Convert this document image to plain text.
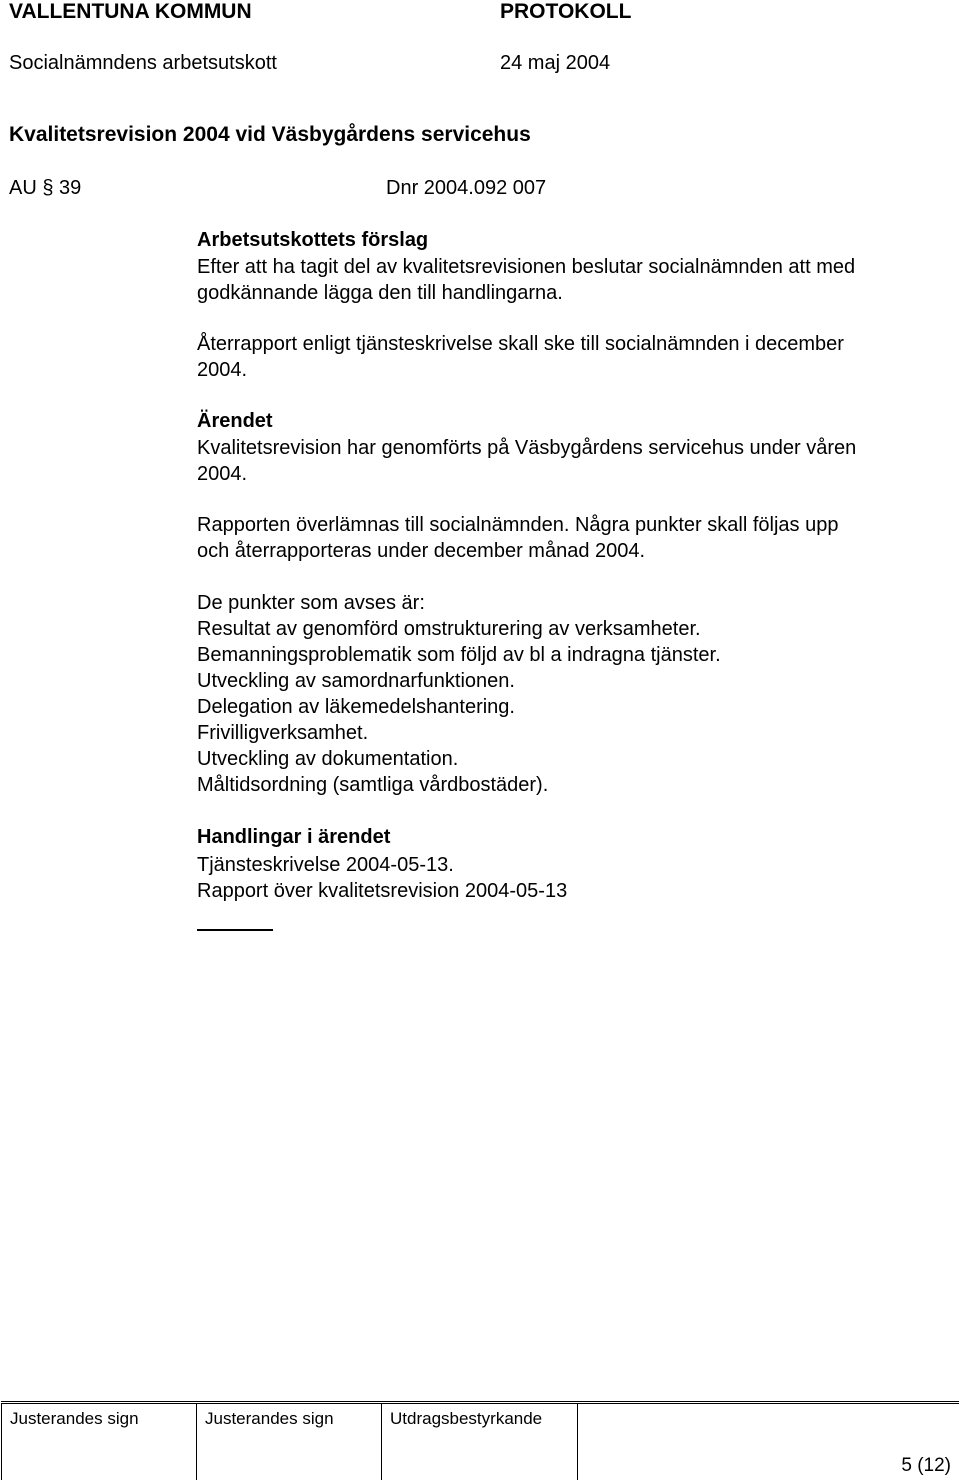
VALLENTUNA KOMMUN	PROTOKOLL
Socialnämndens arbetsutskott	24 maj 2004
Kvalitetsrevision 2004 vid Väsbygårdens servicehus
AU § 39	Dnr 2004.092 007
Arbetsutskottets förslag
Efter att ha tagit del av kvalitetsrevisionen beslutar socialnämnden att med
godkännande lägga den till handlingarna.
Återrapport enligt tjänsteskrivelse skall ske till socialnämnden i december
2004.
Ärendet
Kvalitetsrevision har genomförts på Väsbygårdens servicehus under våren
2004.
Rapporten överlämnas till socialnämnden. Några punkter skall följas upp
och återrapporteras under december månad 2004.
De punkter som avses är:
Resultat av genomförd omstrukturering av verksamheter.
Bemanningsproblematik som följd av bl a indragna tjänster.
Utveckling av samordnarfunktionen.
Delegation av läkemedelshantering.
Frivilligverksamhet.
Utveckling av dokumentation.
Måltidsordning (samtliga vårdbostäder).
Handlingar i ärendet
Tjänsteskrivelse 2004-05-13.
Rapport över kvalitetsrevision 2004-05-13
Justerandes sign	Justerandes sign	Utdragsbestyrkande
5 (12)
